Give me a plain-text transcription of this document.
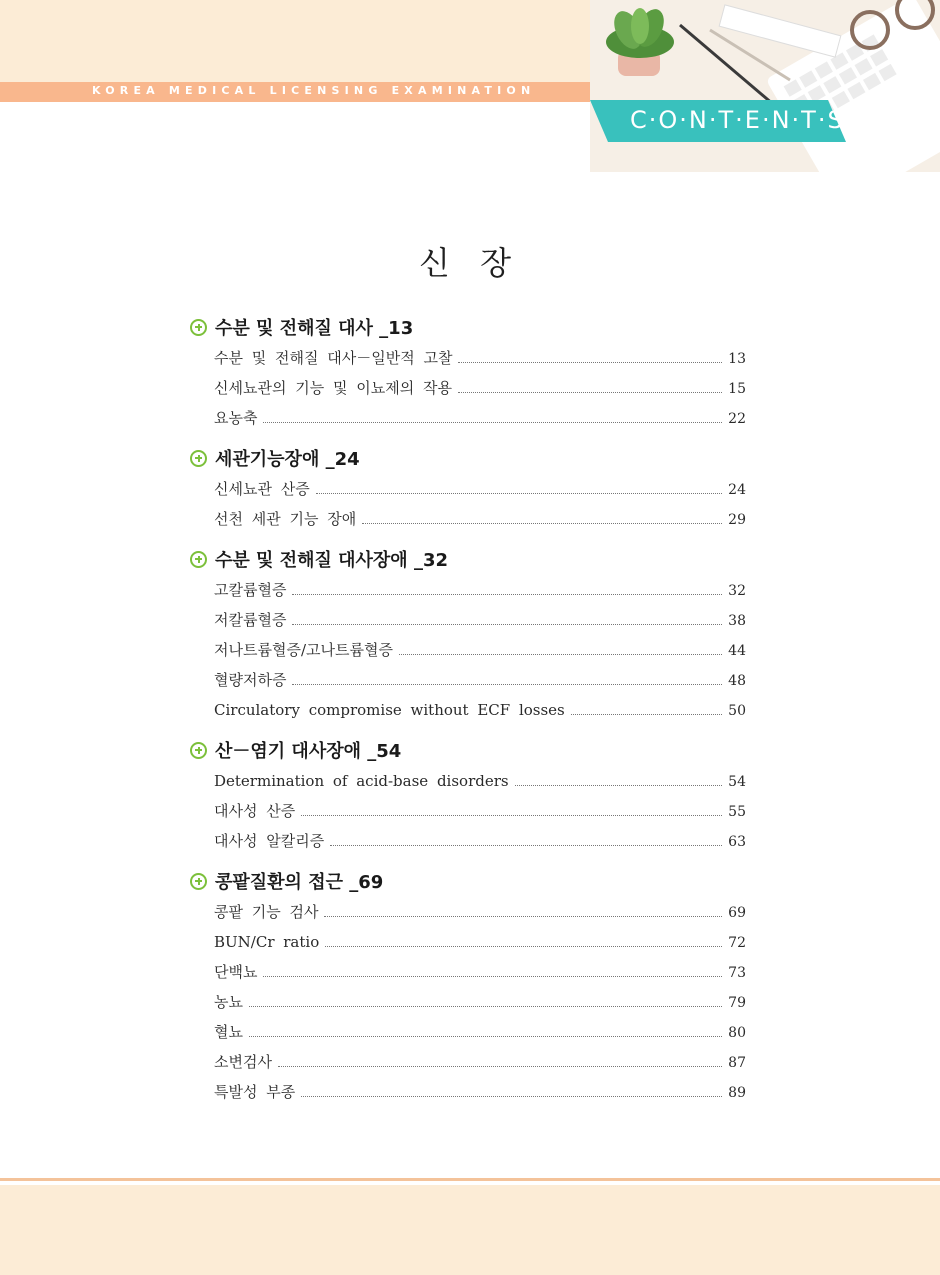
KOREA MEDICAL LICENSING EXAMINATION
C·O·N·T·E·N·T·S
신 장
수분 및 전해질 대사 _13
수분 및 전해질 대사－일반적 고찰	13
신세뇨관의 기능 및 이뇨제의 작용	15
요농축	22
세관기능장애 _24
신세뇨관 산증	24
선천 세관 기능 장애	29
수분 및 전해질 대사장애 _32
고칼륨혈증	32
저칼륨혈증	38
저나트륨혈증/고나트륨혈증	44
혈량저하증	48
Circulatory compromise without ECF losses	50
산－염기 대사장애 _54
Determination of acid-base disorders	54
대사성 산증	55
대사성 알칼리증	63
콩팥질환의 접근 _69
콩팥 기능 검사	69
BUN/Cr ratio	72
단백뇨	73
농뇨	79
혈뇨	80
소변검사	87
특발성 부종	89
